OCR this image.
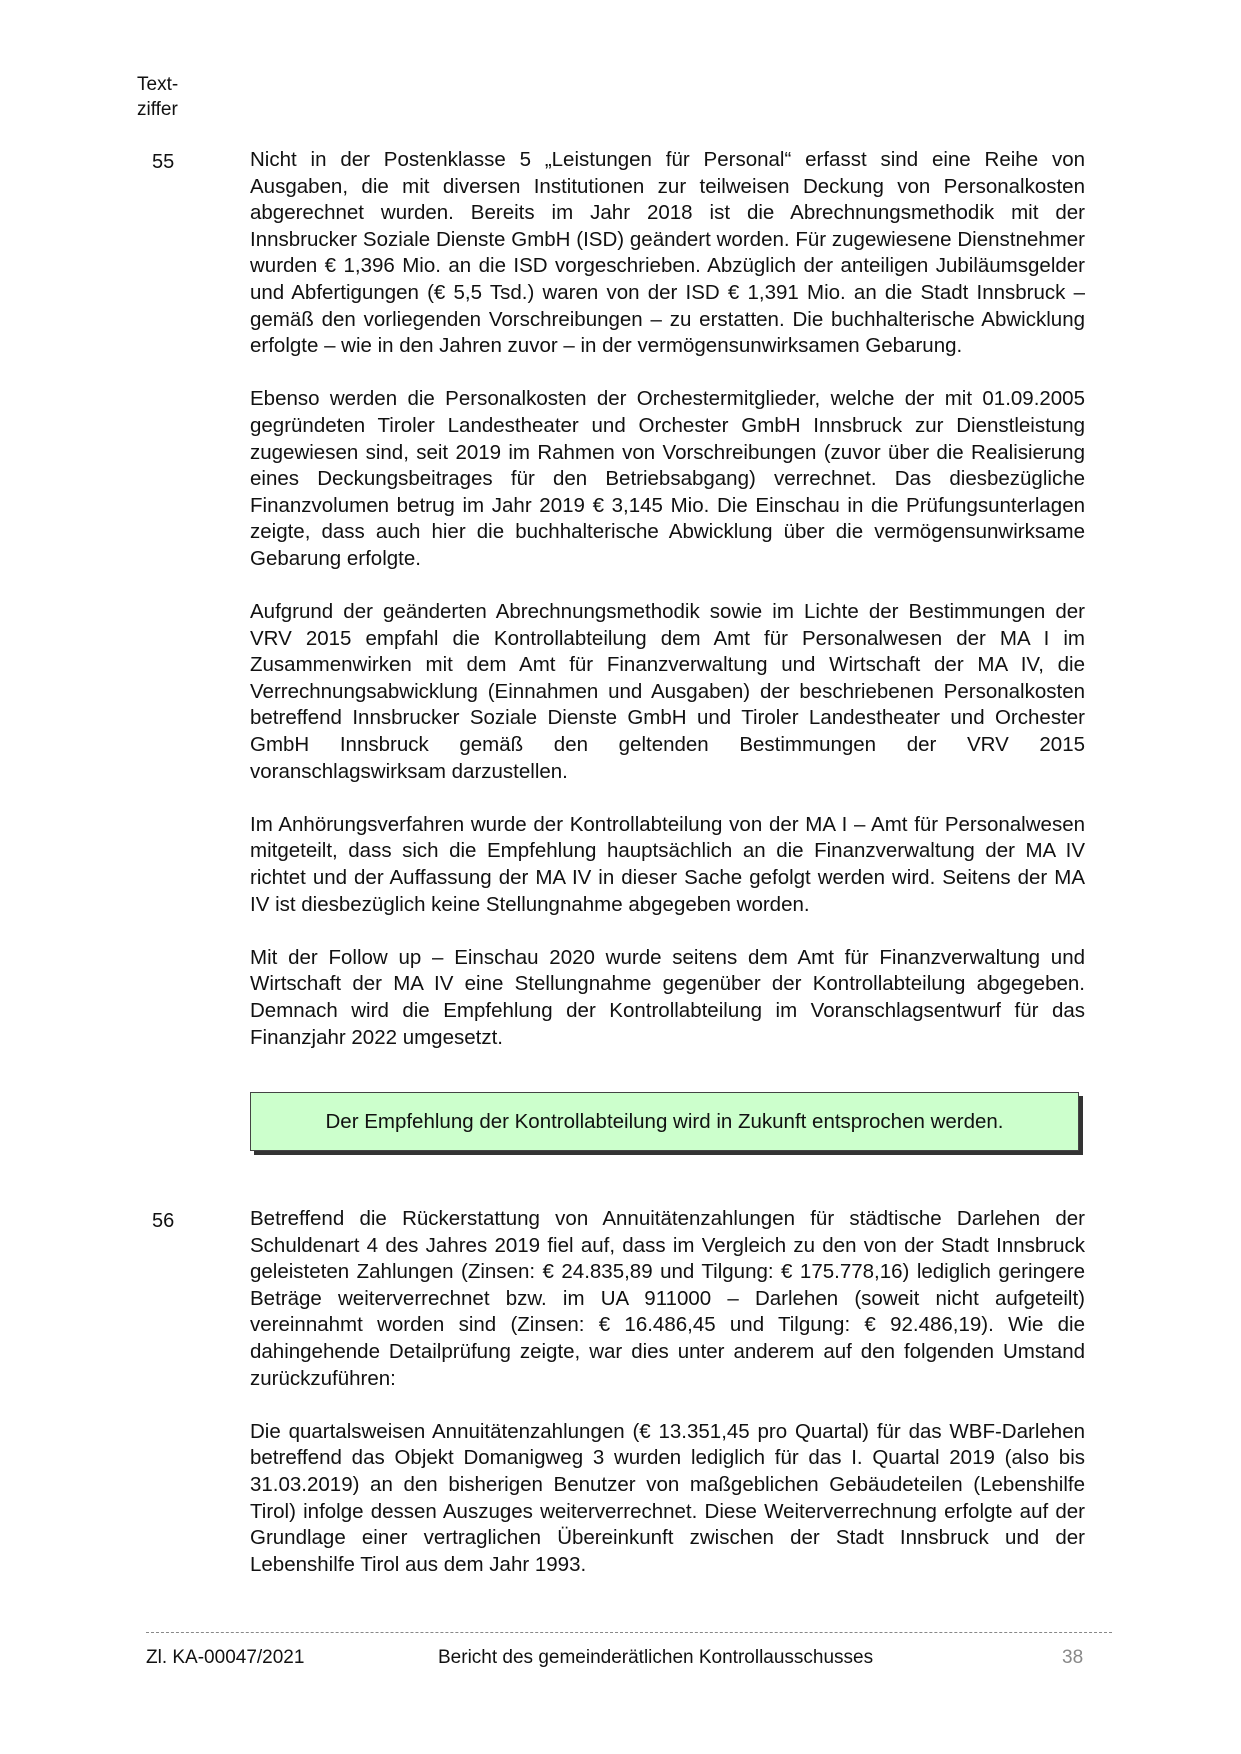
Text-
ziffer
55	Nicht in der Postenklasse 5 „Leistungen für Personal“ erfasst sind eine Reihe von Ausgaben, die mit diversen Institutionen zur teilweisen Deckung von Personalkosten abgerechnet wurden. Bereits im Jahr 2018 ist die Abrechnungsmethodik mit der Innsbrucker Soziale Dienste GmbH (ISD) geändert worden. Für zugewiesene Dienstnehmer wurden € 1,396 Mio. an die ISD vorgeschrieben. Abzüglich der anteiligen Jubiläumsgelder und Abfertigungen (€ 5,5 Tsd.) waren von der ISD € 1,391 Mio. an die Stadt Innsbruck – gemäß den vorliegenden Vorschreibungen – zu erstatten. Die buchhalterische Abwicklung erfolgte – wie in den Jahren zuvor – in der vermögensunwirksamen Gebarung.

Ebenso werden die Personalkosten der Orchestermitglieder, welche der mit 01.09.2005 gegründeten Tiroler Landestheater und Orchester GmbH Innsbruck zur Dienstleistung zugewiesen sind, seit 2019 im Rahmen von Vorschreibungen (zuvor über die Realisierung eines Deckungsbeitrages für den Betriebsabgang) verrechnet. Das diesbezügliche Finanzvolumen betrug im Jahr 2019 € 3,145 Mio. Die Einschau in die Prüfungsunterlagen zeigte, dass auch hier die buchhalterische Abwicklung über die vermögensunwirksame Gebarung erfolgte.

Aufgrund der geänderten Abrechnungsmethodik sowie im Lichte der Bestimmungen der VRV 2015 empfahl die Kontrollabteilung dem Amt für Personalwesen der MA I im Zusammenwirken mit dem Amt für Finanzverwaltung und Wirtschaft der MA IV, die Verrechnungsabwicklung (Einnahmen und Ausgaben) der beschriebenen Personalkosten betreffend Innsbrucker Soziale Dienste GmbH und Tiroler Landestheater und Orchester GmbH Innsbruck gemäß den geltenden Bestimmungen der VRV 2015 voranschlagswirksam darzustellen.

Im Anhörungsverfahren wurde der Kontrollabteilung von der MA I – Amt für Personalwesen mitgeteilt, dass sich die Empfehlung hauptsächlich an die Finanzverwaltung der MA IV richtet und der Auffassung der MA IV in dieser Sache gefolgt werden wird. Seitens der MA IV ist diesbezüglich keine Stellungnahme abgegeben worden.

Mit der Follow up – Einschau 2020 wurde seitens dem Amt für Finanzverwaltung und Wirtschaft der MA IV eine Stellungnahme gegenüber der Kontrollabteilung abgegeben. Demnach wird die Empfehlung der Kontrollabteilung im Voranschlagsentwurf für das Finanzjahr 2022 umgesetzt.

Der Empfehlung der Kontrollabteilung wird in Zukunft entsprochen werden.
56	Betreffend die Rückerstattung von Annuitätenzahlungen für städtische Darlehen der Schuldenart 4 des Jahres 2019 fiel auf, dass im Vergleich zu den von der Stadt Innsbruck geleisteten Zahlungen (Zinsen: € 24.835,89 und Tilgung: € 175.778,16) lediglich geringere Beträge weiterverrechnet bzw. im UA 911000 – Darlehen (soweit nicht aufgeteilt) vereinnahmt worden sind (Zinsen: € 16.486,45 und Tilgung: € 92.486,19). Wie die dahingehende Detailprüfung zeigte, war dies unter anderem auf den folgenden Umstand zurückzuführen:

Die quartalsweisen Annuitätenzahlungen (€ 13.351,45 pro Quartal) für das WBF-Darlehen betreffend das Objekt Domanigweg 3 wurden lediglich für das I. Quartal 2019 (also bis 31.03.2019) an den bisherigen Benutzer von maßgeblichen Gebäudeteilen (Lebenshilfe Tirol) infolge dessen Auszuges weiterverrechnet. Diese Weiterverrechnung erfolgte auf der Grundlage einer vertraglichen Übereinkunft zwischen der Stadt Innsbruck und der Lebenshilfe Tirol aus dem Jahr 1993.

Zl. KA-00047/2021	Bericht des gemeinderätlichen Kontrollausschusses	38
